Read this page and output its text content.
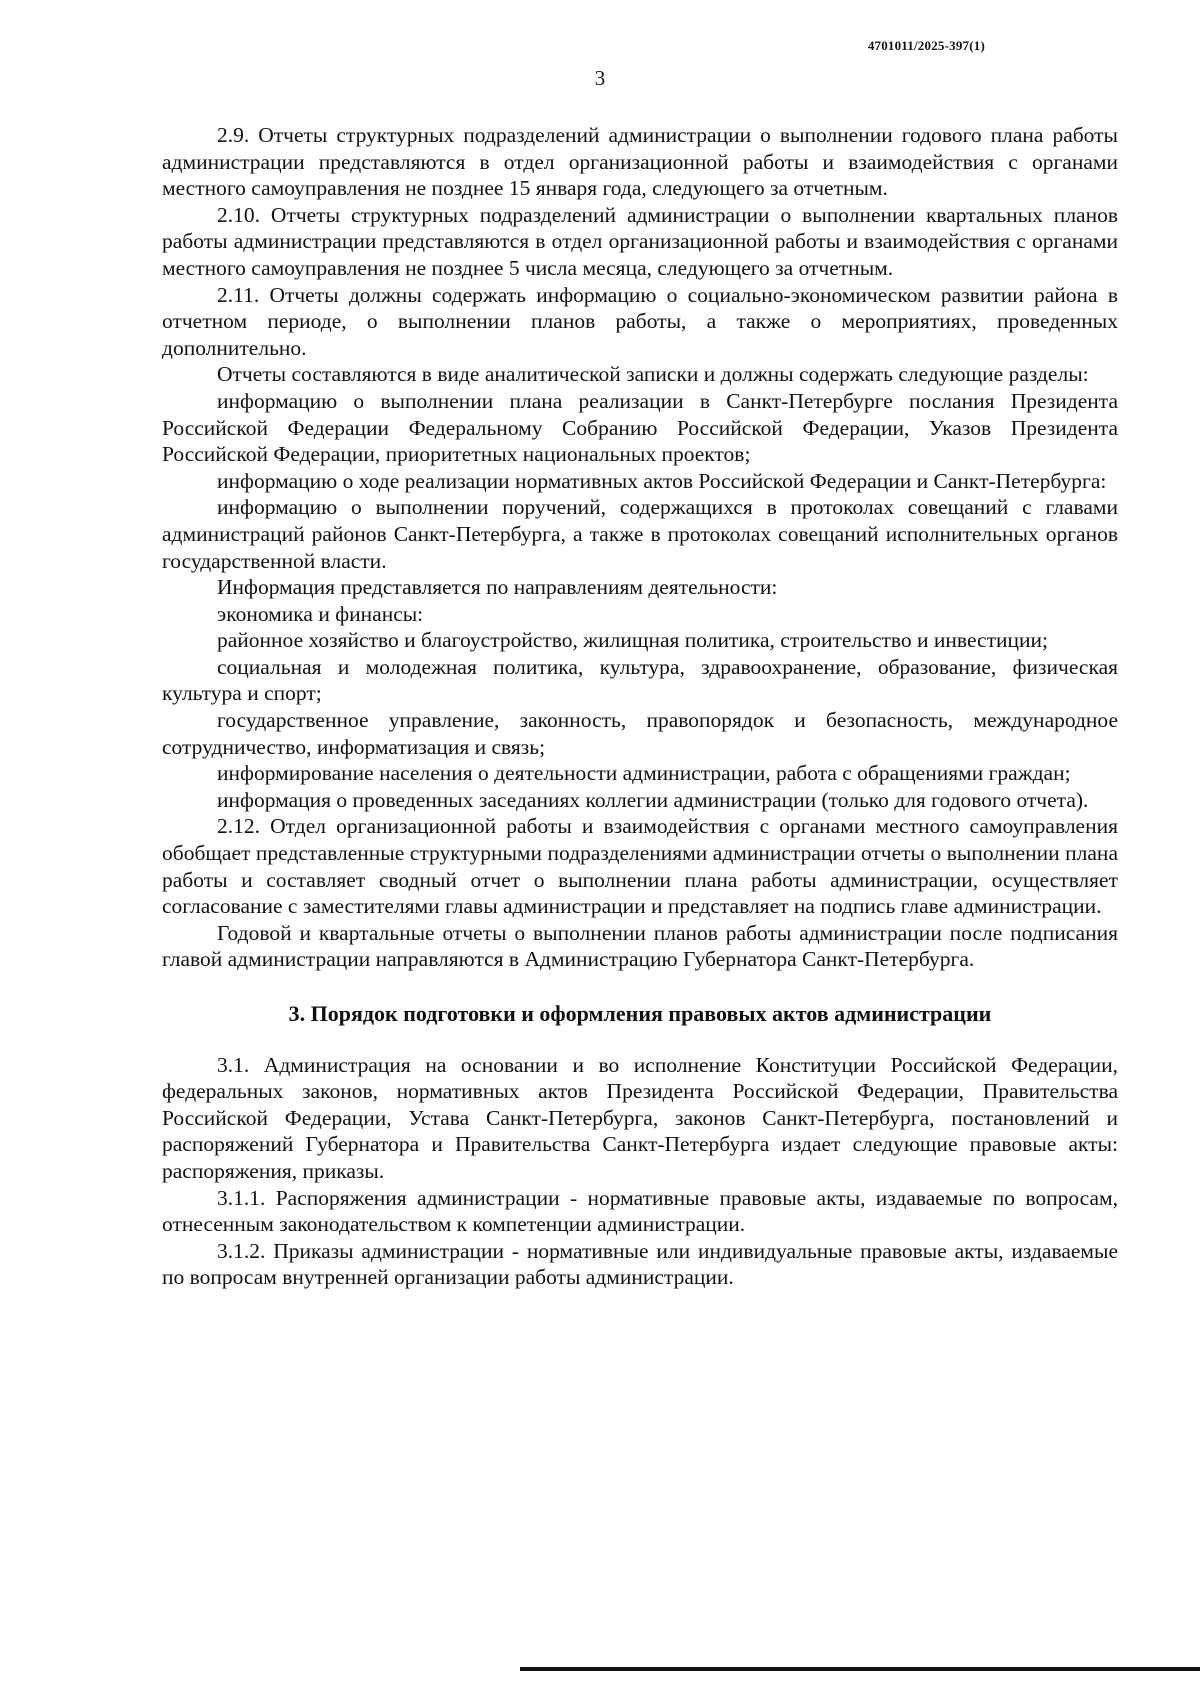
4701011/2025-397(1)
3

2.9. Отчеты структурных подразделений администрации о выполнении годового плана работы администрации представляются в отдел организационной работы и взаимодействия с органами местного самоуправления не позднее 15 января года, следующего за отчетным.

2.10. Отчеты структурных подразделений администрации о выполнении квартальных планов работы администрации представляются в отдел организационной работы и взаимодействия с органами местного самоуправления не позднее 5 числа месяца, следующего за отчетным.

2.11. Отчеты должны содержать информацию о социально-экономическом развитии района в отчетном периоде, о выполнении планов работы, а также о мероприятиях, проведенных дополнительно.

Отчеты составляются в виде аналитической записки и должны содержать следующие разделы:

информацию о выполнении плана реализации в Санкт-Петербурге послания Президента Российской Федерации Федеральному Собранию Российской Федерации, Указов Президента Российской Федерации, приоритетных национальных проектов;

информацию о ходе реализации нормативных актов Российской Федерации и Санкт-Петербурга:

информацию о выполнении поручений, содержащихся в протоколах совещаний с главами администраций районов Санкт-Петербурга, а также в протоколах совещаний исполнительных органов государственной власти.

Информация представляется по направлениям деятельности:

экономика и финансы:

районное хозяйство и благоустройство, жилищная политика, строительство и инвестиции;

социальная и молодежная политика, культура, здравоохранение, образование, физическая культура и спорт;

государственное управление, законность, правопорядок и безопасность, международное сотрудничество, информатизация и связь;

информирование населения о деятельности администрации, работа с обращениями граждан;

информация о проведенных заседаниях коллегии администрации (только для годового отчета).

2.12. Отдел организационной работы и взаимодействия с органами местного самоуправления обобщает представленные структурными подразделениями администрации отчеты о выполнении плана работы и составляет сводный отчет о выполнении плана работы администрации, осуществляет согласование с заместителями главы администрации и представляет на подпись главе администрации.

Годовой и квартальные отчеты о выполнении планов работы администрации после подписания главой администрации направляются в Администрацию Губернатора Санкт-Петербурга.

3. Порядок подготовки и оформления правовых актов администрации

3.1. Администрация на основании и во исполнение Конституции Российской Федерации, федеральных законов, нормативных актов Президента Российской Федерации, Правительства Российской Федерации, Устава Санкт-Петербурга, законов Санкт-Петербурга, постановлений и распоряжений Губернатора и Правительства Санкт-Петербурга издает следующие правовые акты: распоряжения, приказы.

3.1.1. Распоряжения администрации - нормативные правовые акты, издаваемые по вопросам, отнесенным законодательством к компетенции администрации.

3.1.2. Приказы администрации - нормативные или индивидуальные правовые акты, издаваемые по вопросам внутренней организации работы администрации.
